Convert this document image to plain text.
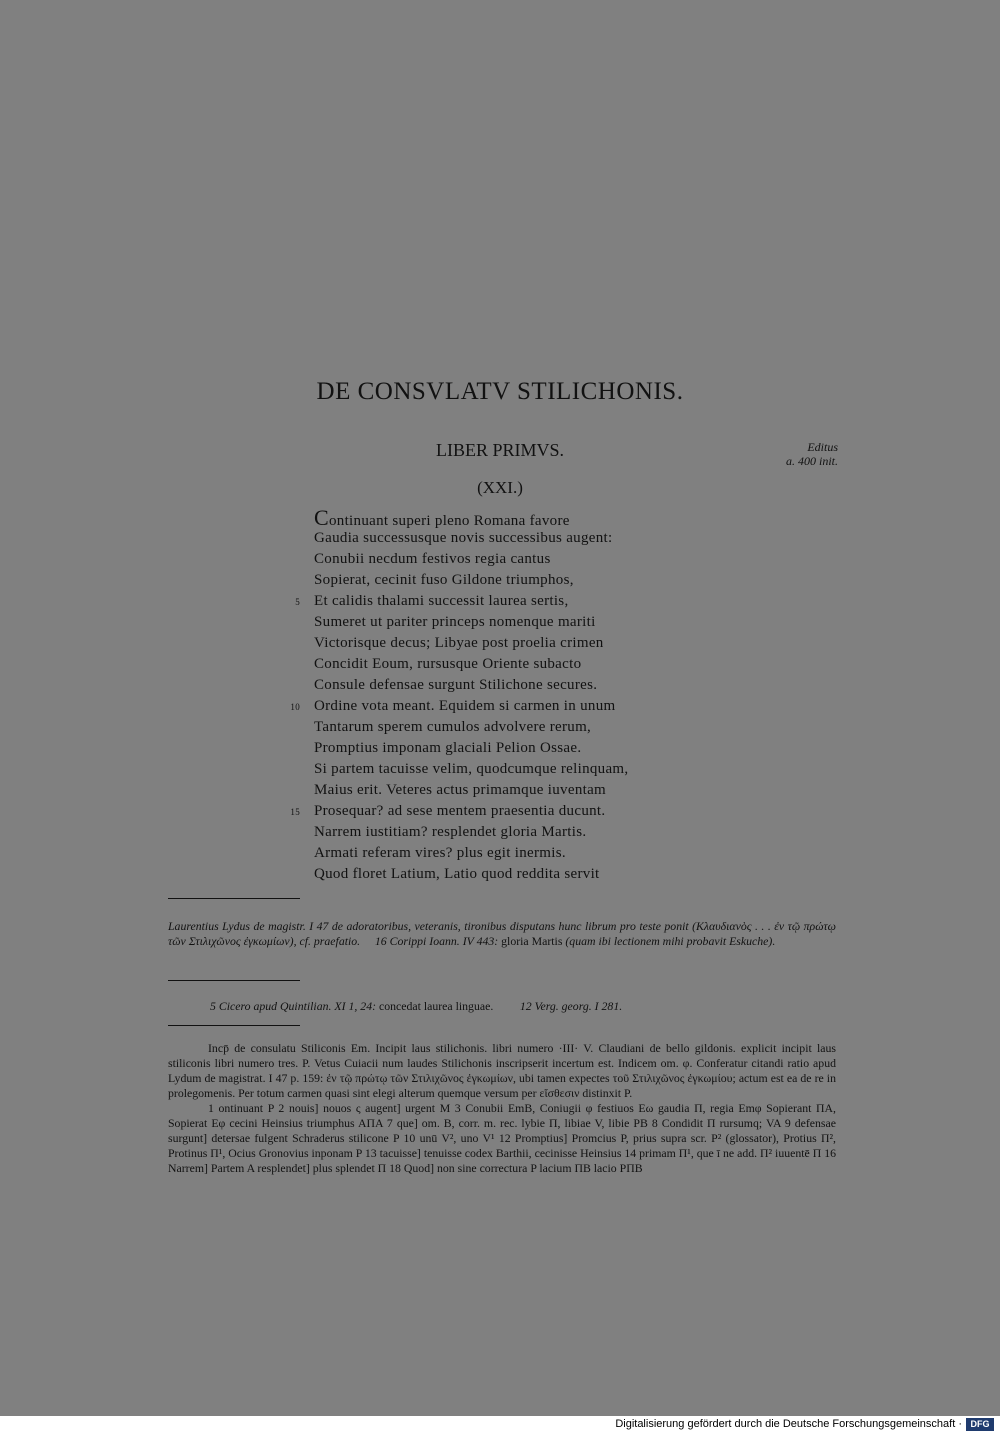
DE CONSVLATV STILICHONIS.
LIBER PRIMVS.	Editus
a. 400 init.
(XXI.)
Continuant superi pleno Romana favore
Gaudia successusque novis successibus augent:
Conubii necdum festivos regia cantus
Sopierat, cecinit fuso Gildone triumphos,
5 Et calidis thalami successit laurea sertis,
Sumeret ut pariter princeps nomenque mariti
Victorisque decus; Libyae post proelia crimen
Concidit Eoum, rursusque Oriente subacto
Consule defensae surgunt Stilichone secures.
10 Ordine vota meant. Equidem si carmen in unum
Tantarum sperem cumulos advolvere rerum,
Promptius imponam glaciali Pelion Ossae.
Si partem tacuisse velim, quodcumque relinquam,
Maius erit. Veteres actus primamque iuventam
15 Prosequar? ad sese mentem praesentia ducunt.
Narrem iustitiam? resplendet gloria Martis.
Armati referam vires? plus egit inermis.
Quod floret Latium, Latio quod reddita servit
Laurentius Lydus de magistr. I 47 de adoratoribus, veteranis, tironibus disputans hunc librum pro teste ponit (Κλαυδιανὸς . . . ἐν τῷ πρώτῳ τῶν Στιλιχῶνος ἐγκωμίων), cf. praefatio. 16 Corippi Ioann. IV 443: gloria Martis (quam ibi lectionem mihi probavit Eskuche).
5 Cicero apud Quintilian. XI 1, 24: concedat laurea linguae. 12 Verg. georg. I 281.

Incp̄ de consulatu Stiliconis Em. Incipit laus stilichonis. libri numero ·III· V. Claudiani de bello gildonis. explicit incipit laus stiliconis libri numero tres. P. Vetus Cuiacii num laudes Stilichonis inscripserit incertum est. Indicem om. φ. Conferatur citandi ratio apud Lydum de magistrat. I 47 p. 159: ἐν τῷ πρώτῳ τῶν Στιλιχῶνος ἐγκωμίων, ubi tamen expectes τοῦ Στιλιχῶνος ἐγκωμίου; actum est ea de re in prolegomenis. Per totum carmen quasi sint elegi alterum quemque versum per εἴσθεσιν distinxit P.

1 ontinuant P 2 nouis] nouos ς augent] urgent M 3 Conubii EmB, Coniugii φ festiuos Eω gaudia Π, regia Emφ Sopierant ΠA, Sopierat Eφ cecini Heinsius triumphus AΠA 7 que] om. B, corr. m. rec. lybie Π, libiae V, libie PB 8 Condidit Π rursumq; VA 9 defensae surgunt] detersae fulgent Schraderus stilicone P 10 unū V², uno V¹ 12 Promptius] Promcius P, prius supra scr. P² (glossator), Protius Π², Protinus Π¹, Ocius Gronovius inponam P 13 tacuisse] tenuisse codex Barthii, cecinisse Heinsius 14 primam Π¹, que ī ne add. Π² iuuentē Π 16 Narrem] Partem A resplendet] plus splendet Π 18 Quod] non sine correctura P lacium ΠB lacio PΠB

Digitalisierung gefördert durch die Deutsche Forschungsgemeinschaft · DFG
